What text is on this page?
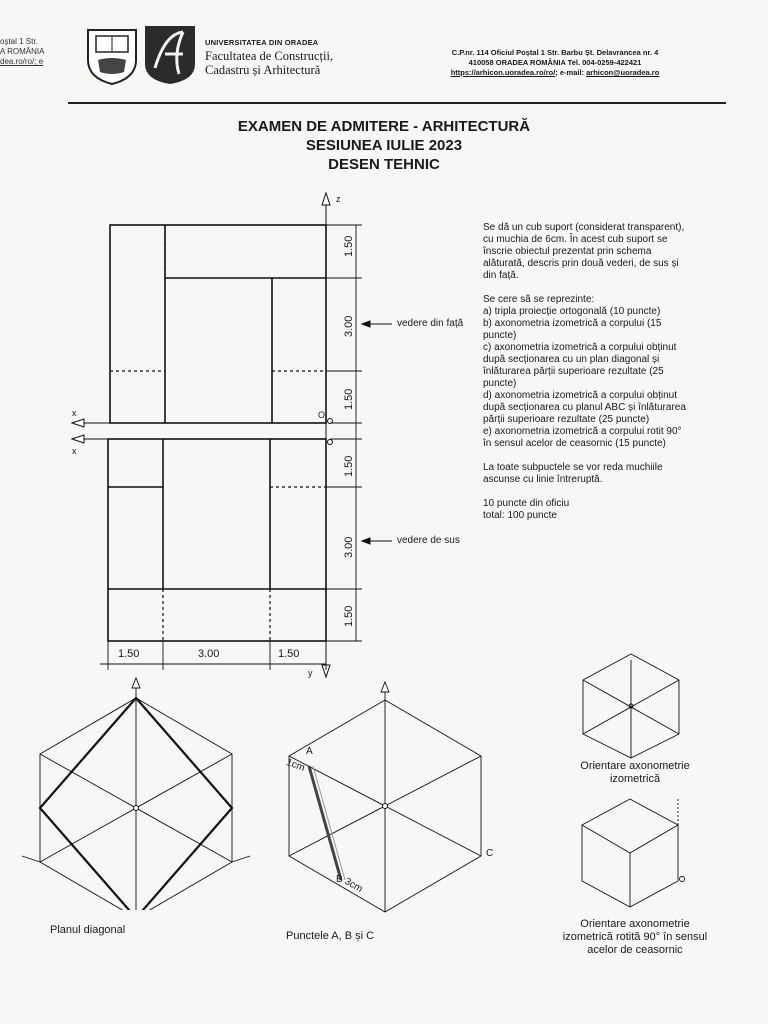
oștal 1 Str.
A ROMÂNIA
dea.ro/ro/; e
UNIVERSITATEA DIN ORADEA
Facultatea de Construcții,
Cadastru și Arhitectură
C.P.nr. 114 Oficiul Poștal 1 Str. Barbu Șt. Delavrancea nr. 4
410058 ORADEA ROMÂNIA Tel. 004-0259-422421
https://arhicon.uoradea.ro/ro/; e-mail: arhicon@uoradea.ro
EXAMEN DE ADMITERE - ARHITECTURĂ
SESIUNEA IULIE 2023
DESEN TEHNIC
1.50
3.00
1.50
1.50
3.00
1.50
1.50	3.00	1.50
vedere din față
vedere de sus
z
x
x
y
O
Se dă un cub suport (considerat transparent), cu muchia de 6cm. În acest cub suport se înscrie obiectul prezentat prin schema alăturată, descris prin două vederi, de sus și din față.
Se cere să se reprezinte:
a) tripla proiecție ortogonală (10 puncte)
b) axonometria izometrică a corpului (15 puncte)
c) axonometria izometrică a corpului obținut după secționarea cu un plan diagonal și înlăturarea părții superioare rezultate (25 puncte)
d) axonometria izometrică a corpului obținut după secționarea cu planul ABC și înlăturarea părții superioare rezultate (25 puncte)
e) axonometria izometrică a corpului rotit 90° în sensul acelor de ceasornic (15 puncte)
La toate subpuctele se vor reda muchiile ascunse cu linie întreruptă.
10 puncte din oficiu
total: 100 puncte
Planul diagonal
A
1cm
B 3cm
C
Punctele A, B și C
Orientare axonometrie izometrică
Orientare axonometrie izometrică rotită 90° în sensul acelor de ceasornic
